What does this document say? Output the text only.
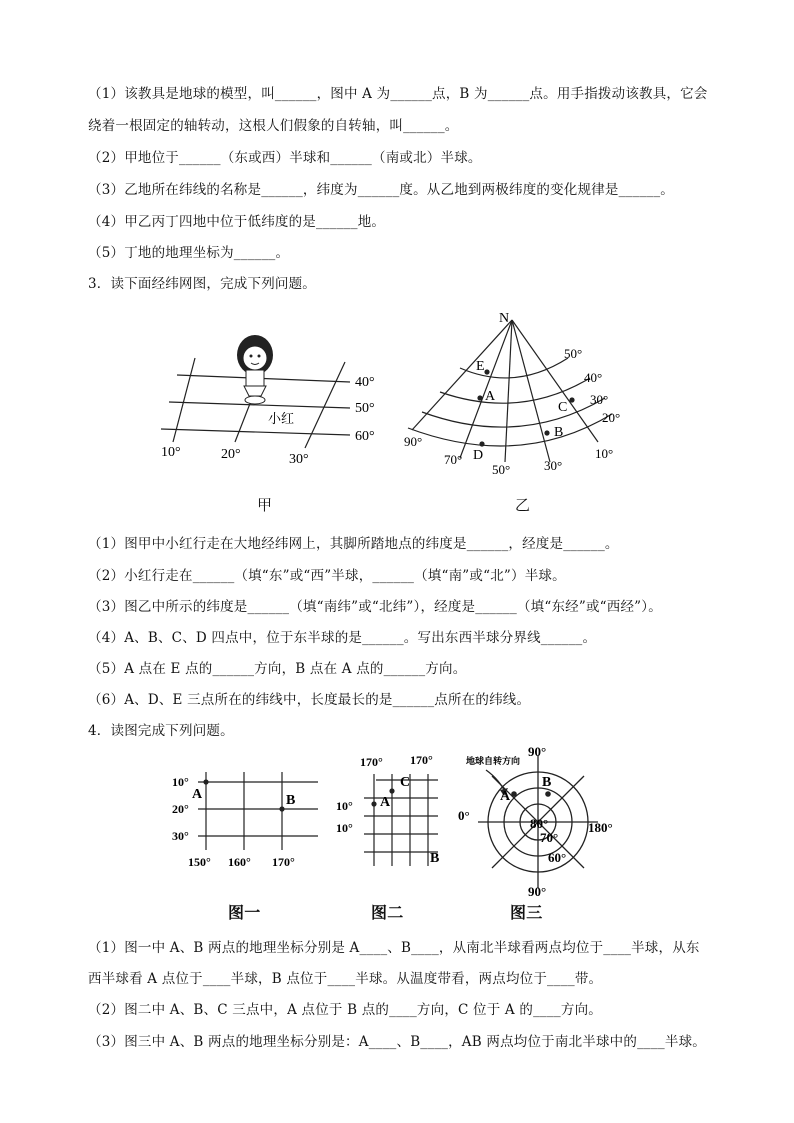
（1）该教具是地球的模型，叫______，图中 A 为______点，B 为______点。用手指拨动该教具，它会
绕着一根固定的轴转动，这根人们假象的自转轴，叫______。
（2）甲地位于______（东或西）半球和______（南或北）半球。
（3）乙地所在纬线的名称是______，纬度为______度。从乙地到两极纬度的变化规律是______。
（4）甲乙丙丁四地中位于低纬度的是______地。
（5）丁地的地理坐标为______。
3．读下面经纬网图，完成下列问题。
小红
40°
50°
60°
10°	20°	30°
甲
N
E
A
C
B
D
50°
40°
30°
20°
90°
70°
50°	30°
10°
乙
（1）图甲中小红行走在大地经纬网上，其脚所踏地点的纬度是______，经度是______。
（2）小红行走在______（填“东”或“西”半球，______（填“南”或“北”）半球。
（3）图乙中所示的纬度是______（填“南纬”或“北纬”），经度是______（填“东经”或“西经”）。
（4）A、B、C、D 四点中，位于东半球的是______。写出东西半球分界线______。
（5）A 点在 E 点的______方向，B 点在 A 点的______方向。
（6）A、D、E 三点所在的纬线中，长度最长的是______点所在的纬线。
4．读图完成下列问题。
10°
20°
30°
150° 160° 170°
A	B
图一
170° 170°
10°
10°
C
A
B
图二
地球自转方向
90°
0°
180°
90°
80°
70°
60°
A
B
图三
（1）图一中 A、B 两点的地理坐标分别是 A____、B____，从南北半球看两点均位于____半球，从东
西半球看 A 点位于____半球，B 点位于____半球。从温度带看，两点均位于____带。
（2）图二中 A、B、C 三点中，A 点位于 B 点的____方向，C 位于 A 的____方向。
（3）图三中 A、B 两点的地理坐标分别是：A____、B____，AB 两点均位于南北半球中的____半球。
